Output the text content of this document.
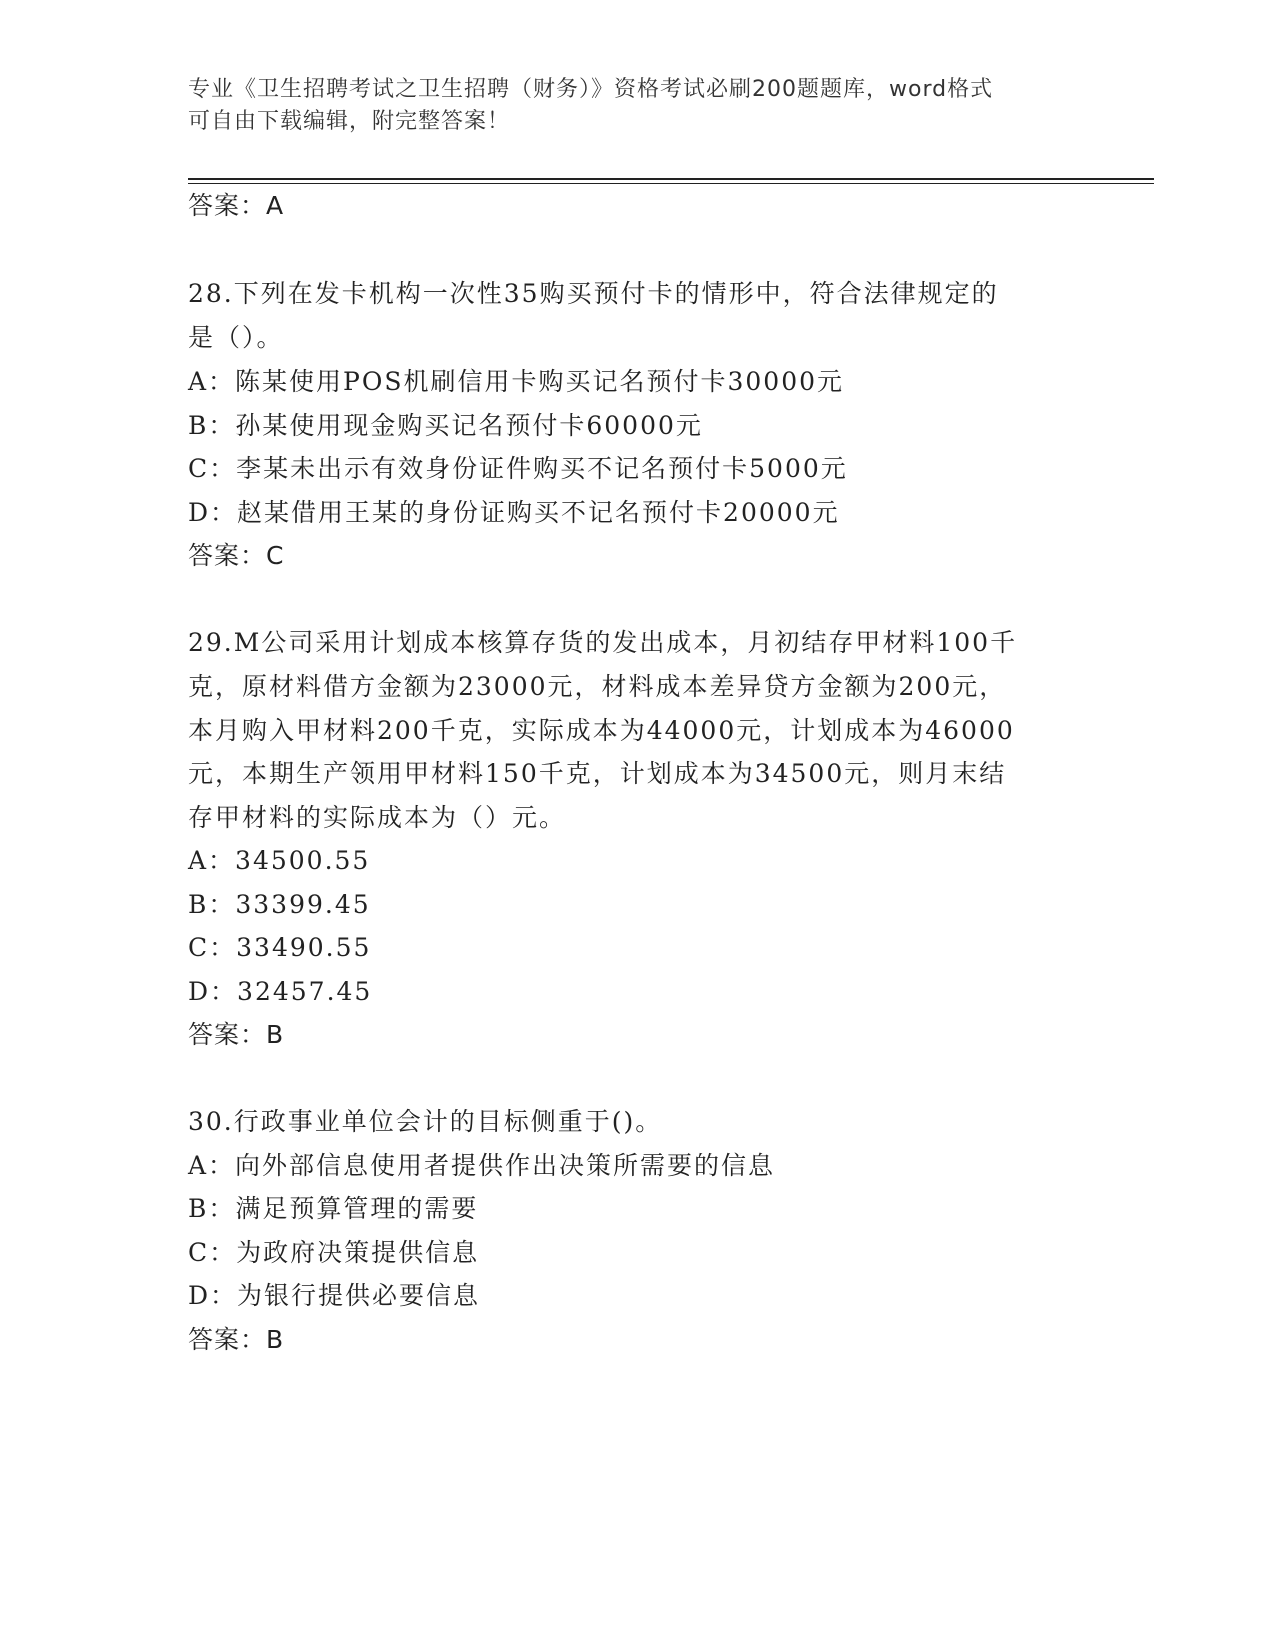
专业《卫生招聘考试之卫生招聘（财务）》资格考试必刷200题题库，word格式
可自由下载编辑，附完整答案！
答案：A
28.下列在发卡机构一次性35购买预付卡的情形中，符合法律规定的
是（）。
A：陈某使用POS机刷信用卡购买记名预付卡30000元
B：孙某使用现金购买记名预付卡60000元
C：李某未出示有效身份证件购买不记名预付卡5000元
D：赵某借用王某的身份证购买不记名预付卡20000元
答案：C
29.M公司采用计划成本核算存货的发出成本，月初结存甲材料100千
克，原材料借方金额为23000元，材料成本差异贷方金额为200元，
本月购入甲材料200千克，实际成本为44000元，计划成本为46000
元，本期生产领用甲材料150千克，计划成本为34500元，则月末结
存甲材料的实际成本为（）元。
A：34500.55
B：33399.45
C：33490.55
D：32457.45
答案：B
30.行政事业单位会计的目标侧重于()。
A：向外部信息使用者提供作出决策所需要的信息
B：满足预算管理的需要
C：为政府决策提供信息
D：为银行提供必要信息
答案：B
